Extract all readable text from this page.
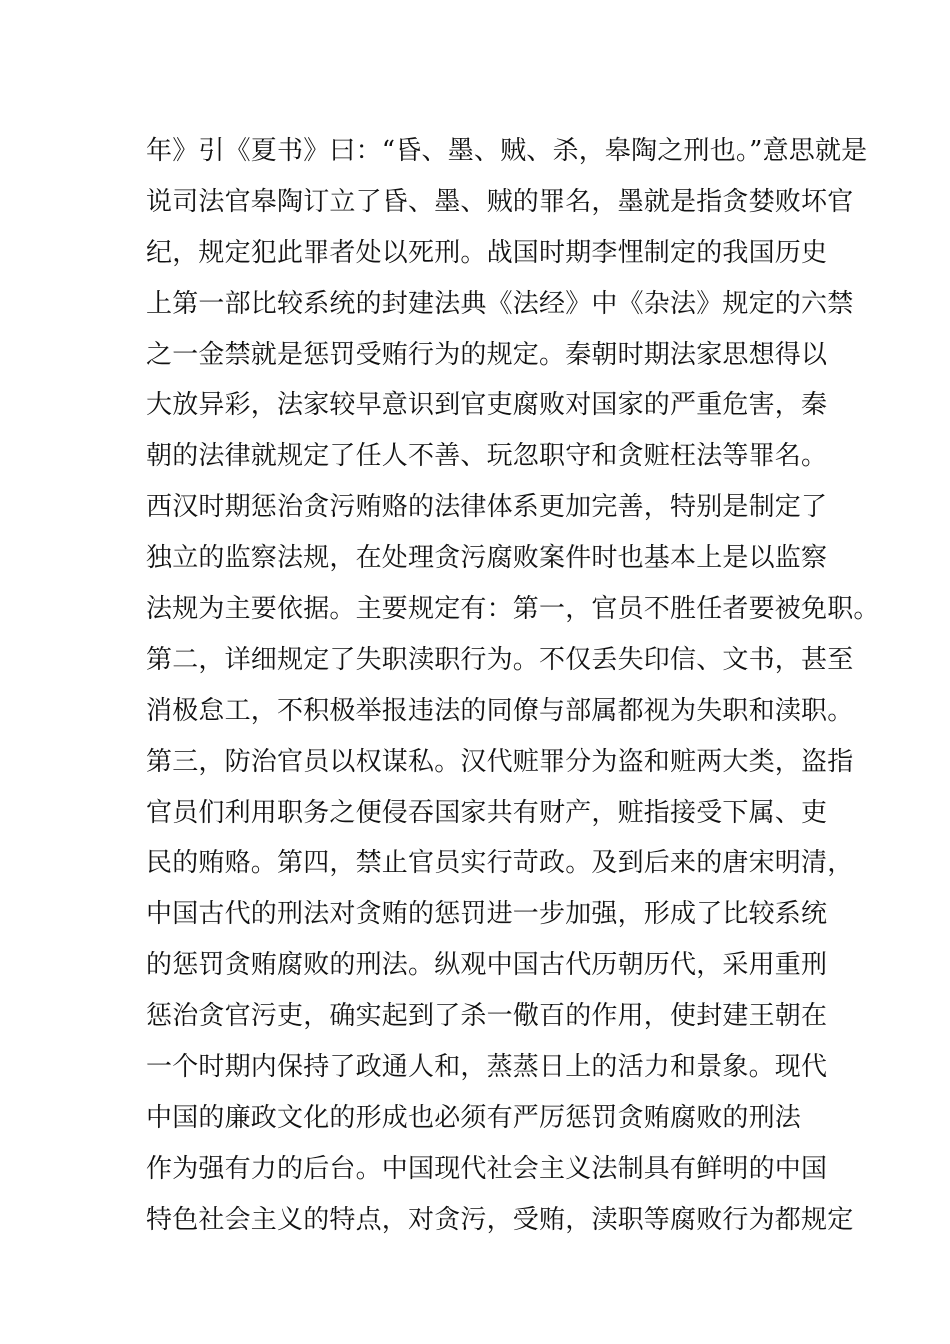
年》引《夏书》曰：“昏、墨、贼、杀，皋陶之刑也。”意思就是
说司法官皋陶订立了昏、墨、贼的罪名，墨就是指贪婪败坏官
纪，规定犯此罪者处以死刑。战国时期李悝制定的我国历史
上第一部比较系统的封建法典《法经》中《杂法》规定的六禁
之一金禁就是惩罚受贿行为的规定。秦朝时期法家思想得以
大放异彩，法家较早意识到官吏腐败对国家的严重危害，秦
朝的法律就规定了任人不善、玩忽职守和贪赃枉法等罪名。
西汉时期惩治贪污贿赂的法律体系更加完善，特别是制定了
独立的监察法规，在处理贪污腐败案件时也基本上是以监察
法规为主要依据。主要规定有：第一，官员不胜任者要被免职。
第二，详细规定了失职渎职行为。不仅丢失印信、文书，甚至
消极怠工，不积极举报违法的同僚与部属都视为失职和渎职。
第三，防治官员以权谋私。汉代赃罪分为盗和赃两大类，盗指
官员们利用职务之便侵吞国家共有财产，赃指接受下属、吏
民的贿赂。第四，禁止官员实行苛政。及到后来的唐宋明清，
中国古代的刑法对贪贿的惩罚进一步加强，形成了比较系统
的惩罚贪贿腐败的刑法。纵观中国古代历朝历代，采用重刑
惩治贪官污吏，确实起到了杀一儆百的作用，使封建王朝在
一个时期内保持了政通人和，蒸蒸日上的活力和景象。现代
中国的廉政文化的形成也必须有严厉惩罚贪贿腐败的刑法
作为强有力的后台。中国现代社会主义法制具有鲜明的中国
特色社会主义的特点，对贪污，受贿，渎职等腐败行为都规定
